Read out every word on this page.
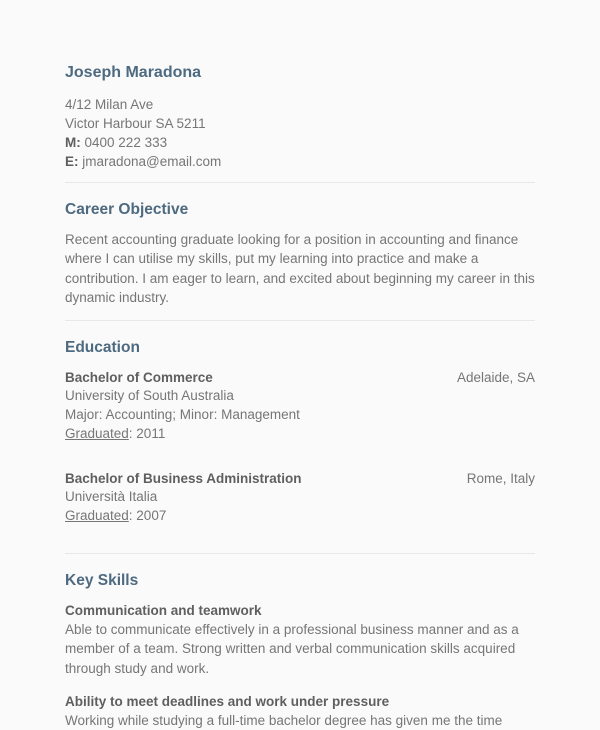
Joseph Maradona

4/12 Milan Ave

Victor Harbour SA 5211

M: 0400 222 333

E: jmaradona@email.com

Career Objective

Recent accounting graduate looking for a position in accounting and finance where I can utilise my skills, put my learning into practice and make a contribution. I am eager to learn, and excited about beginning my career in this dynamic industry.

Education
Bachelor of Commerce	Adelaide, SA

University of South Australia

Major: Accounting; Minor: Management

Graduated: 2011

Bachelor of Business Administration	Rome, Italy

Università Italia

Graduated: 2007

Key Skills

Communication and teamwork

Able to communicate effectively in a professional business manner and as a member of a team. Strong written and verbal communication skills acquired through study and work.

Ability to meet deadlines and work under pressure

Working while studying a full-time bachelor degree has given me the time
